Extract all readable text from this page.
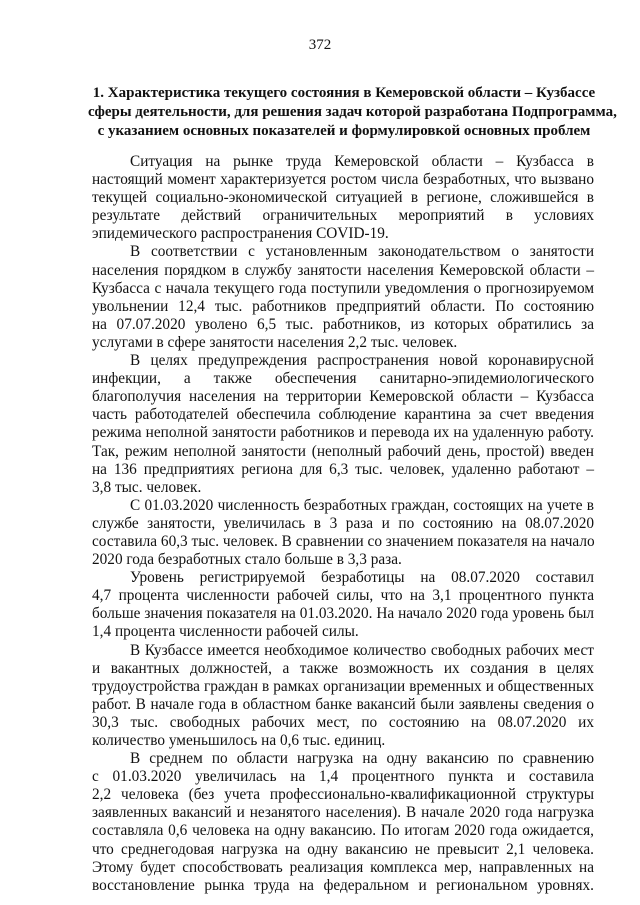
372
1. Характеристика текущего состояния в Кемеровской области – Кузбассе
сферы деятельности, для решения задач которой разработана Подпрограмма,
с указанием основных показателей и формулировкой основных проблем
Ситуация на рынке труда Кемеровской области – Кузбасса в
настоящий момент характеризуется ростом числа безработных, что вызвано
текущей социально-экономической ситуацией в регионе, сложившейся в
результате действий ограничительных мероприятий в условиях
эпидемического распространения COVID-19.
В соответствии с установленным законодательством о занятости
населения порядком в службу занятости населения Кемеровской области –
Кузбасса с начала текущего года поступили уведомления о прогнозируемом
увольнении 12,4 тыс. работников предприятий области. По состоянию
на 07.07.2020 уволено 6,5 тыс. работников, из которых обратились за
услугами в сфере занятости населения 2,2 тыс. человек.
В целях предупреждения распространения новой коронавирусной
инфекции, а также обеспечения санитарно-эпидемиологического
благополучия населения на территории Кемеровской области – Кузбасса
часть работодателей обеспечила соблюдение карантина за счет введения
режима неполной занятости работников и перевода их на удаленную работу.
Так, режим неполной занятости (неполный рабочий день, простой) введен
на 136 предприятиях региона для 6,3 тыс. человек, удаленно работают –
3,8 тыс. человек.
С 01.03.2020 численность безработных граждан, состоящих на учете в
службе занятости, увеличилась в 3 раза и по состоянию на 08.07.2020
составила 60,3 тыс. человек. В сравнении со значением показателя на начало
2020 года безработных стало больше в 3,3 раза.
Уровень регистрируемой безработицы на 08.07.2020 составил
4,7 процента численности рабочей силы, что на 3,1 процентного пункта
больше значения показателя на 01.03.2020. На начало 2020 года уровень был
1,4 процента численности рабочей силы.
В Кузбассе имеется необходимое количество свободных рабочих мест
и вакантных должностей, а также возможность их создания в целях
трудоустройства граждан в рамках организации временных и общественных
работ. В начале года в областном банке вакансий были заявлены сведения о
30,3 тыс. свободных рабочих мест, по состоянию на 08.07.2020 их
количество уменьшилось на 0,6 тыс. единиц.
В среднем по области нагрузка на одну вакансию по сравнению
с 01.03.2020 увеличилась на 1,4 процентного пункта и составила
2,2 человека (без учета профессионально-квалификационной структуры
заявленных вакансий и незанятого населения). В начале 2020 года нагрузка
составляла 0,6 человека на одну вакансию. По итогам 2020 года ожидается,
что среднегодовая нагрузка на одну вакансию не превысит 2,1 человека.
Этому будет способствовать реализация комплекса мер, направленных на
восстановление рынка труда на федеральном и региональном уровнях.
